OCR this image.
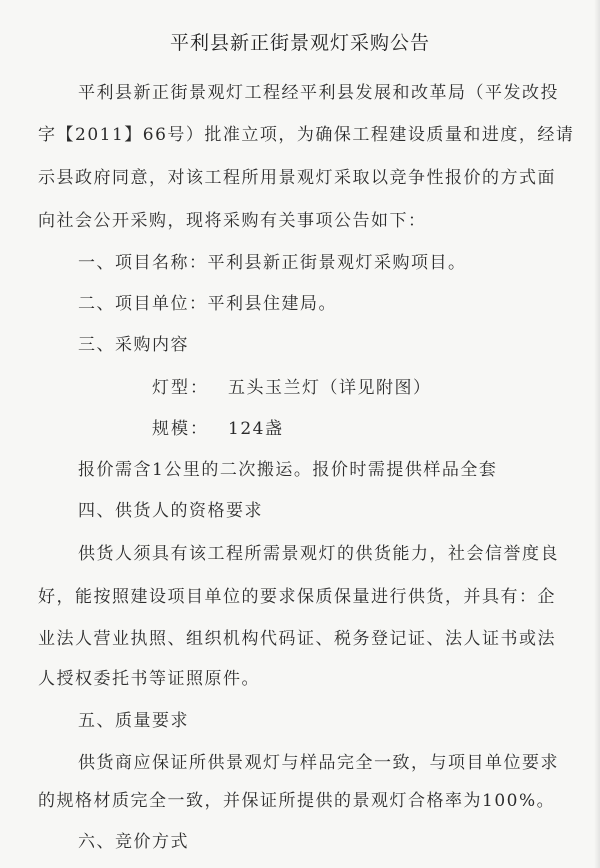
平利县新正街景观灯采购公告
平利县新正街景观灯工程经平利县发展和改革局（平发改投
字【2011】66号）批准立项，为确保工程建设质量和进度，经请
示县政府同意，对该工程所用景观灯采取以竞争性报价的方式面
向社会公开采购，现将采购有关事项公告如下：
一、项目名称：平利县新正街景观灯采购项目。
二、项目单位：平利县住建局。
三、采购内容
灯型： 五头玉兰灯（详见附图）
规模： 124盏
报价需含1公里的二次搬运。报价时需提供样品全套
四、供货人的资格要求
供货人须具有该工程所需景观灯的供货能力，社会信誉度良
好，能按照建设项目单位的要求保质保量进行供货，并具有：企
业法人营业执照、组织机构代码证、税务登记证、法人证书或法
人授权委托书等证照原件。
五、质量要求
供货商应保证所供景观灯与样品完全一致，与项目单位要求
的规格材质完全一致，并保证所提供的景观灯合格率为100%。
六、竞价方式
